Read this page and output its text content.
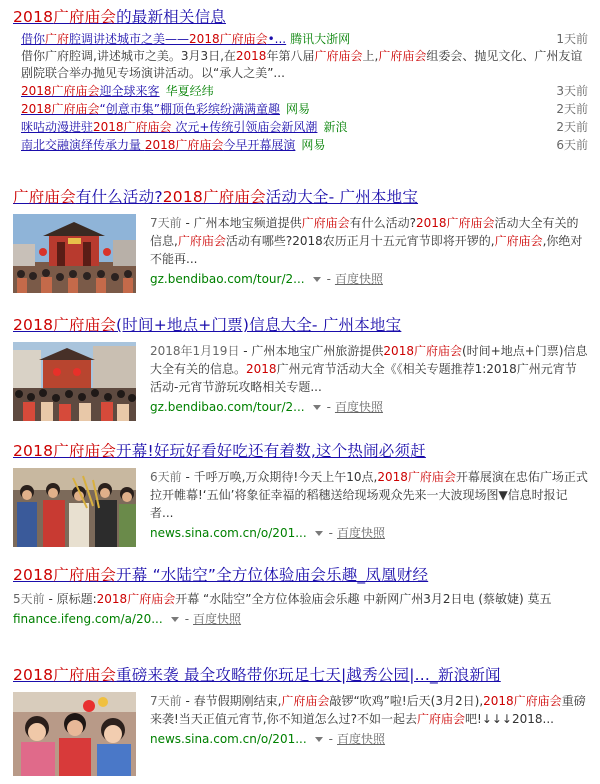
2018广府庙会的最新相关信息
借你广府腔调讲述城市之美——2018广府庙会•... 腾讯大浙网	1天前
借你广府腔调,讲述城市之美。3月3日,在2018年第八届广府庙会上,广府庙会组委会、抛见文化、广州友谊剧院联合举办抛见专场演讲活动。以“承人之美”...
2018广府庙会迎全球来客 华夏经纬	3天前
2018广府庙会“创意市集”棚顶色彩缤纷满满童趣 网易	2天前
咪咕动漫进驻2018广府庙会 次元+传统引领庙会新风潮 新浪	2天前
南北交融演绎传承力量 2018广府庙会今早开幕展演 网易	6天前
广府庙会有什么活动?2018广府庙会活动大全- 广州本地宝
7天前 - 广州本地宝频道提供广府庙会有什么活动?2018广府庙会活动大全有关的信息,广府庙会活动有哪些?2018农历正月十五元宵节即将开锣的,广府庙会,你绝对不能再...
gz.bendibao.com/tour/2... - 百度快照
2018广府庙会(时间+地点+门票)信息大全- 广州本地宝
2018年1月19日 - 广州本地宝广州旅游提供2018广府庙会(时间+地点+门票)信息大全有关的信息。2018广州元宵节活动大全《《相关专题推荐1:2018广州元宵节活动-元宵节游玩攻略相关专题...
gz.bendibao.com/tour/2... - 百度快照
2018广府庙会开幕!好玩好看好吃还有着数,这个热闹必须赶
6天前 - 千呼万唤,万众期待!今天上午10点,2018广府庙会开幕展演在忠佑广场正式拉开帷幕!‘五仙’将象征幸福的稻穗送给现场观众先来一大波现场图▼信息时报记者...
news.sina.com.cn/o/201... - 百度快照
2018广府庙会开幕 “水陆空”全方位体验庙会乐趣_凤凰财经
5天前 - 原标题:2018广府庙会开幕 “水陆空”全方位体验庙会乐趣 中新网广州3月2日电 (蔡敏婕) 莫五
finance.ifeng.com/a/20... - 百度快照
2018广府庙会重磅来袭 最全攻略带你玩足七天|越秀公园|..._新浪新闻
7天前 - 春节假期刚结束,广府庙会敲锣“吹鸡”啦!后天(3月2日),2018广府庙会重磅来袭!当天正值元宵节,你不知道怎么过?不如一起去广府庙会吧!↓↓↓2018...
news.sina.com.cn/o/201... - 百度快照
